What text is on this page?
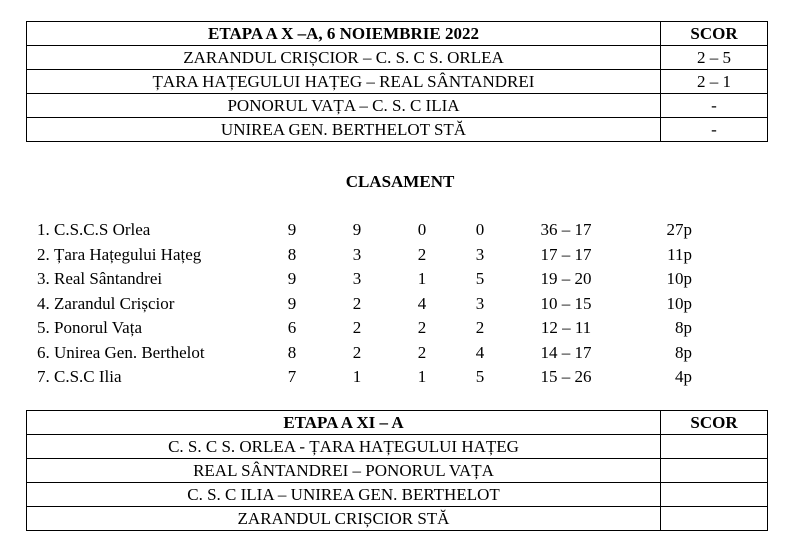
ETAPA A X –A, 6 NOIEMBRIE 2022	SCOR
ZARANDUL CRIȘCIOR – C. S. C S. ORLEA	2 – 5
ȚARA HAȚEGULUI HAȚEG – REAL SÂNTANDREI	2 – 1
PONORUL VAȚA – C. S. C ILIA	-
UNIREA GEN. BERTHELOT STĂ	-
CLASAMENT
1. C.S.C.S Orlea	9	9	0	0	36 – 17	27p
2. Țara Hațegului Hațeg	8	3	2	3	17 – 17	11p
3. Real Sântandrei	9	3	1	5	19 – 20	10p
4. Zarandul Crișcior	9	2	4	3	10 – 15	10p
5. Ponorul Vața	6	2	2	2	12 – 11	8p
6. Unirea Gen. Berthelot	8	2	2	4	14 – 17	8p
7. C.S.C Ilia	7	1	1	5	15 – 26	4p
ETAPA A XI – A	SCOR
C. S. C S. ORLEA - ȚARA HAȚEGULUI HAȚEG	
REAL SÂNTANDREI – PONORUL VAȚA	
C. S. C ILIA – UNIREA GEN. BERTHELOT	
ZARANDUL CRIȘCIOR STĂ	
